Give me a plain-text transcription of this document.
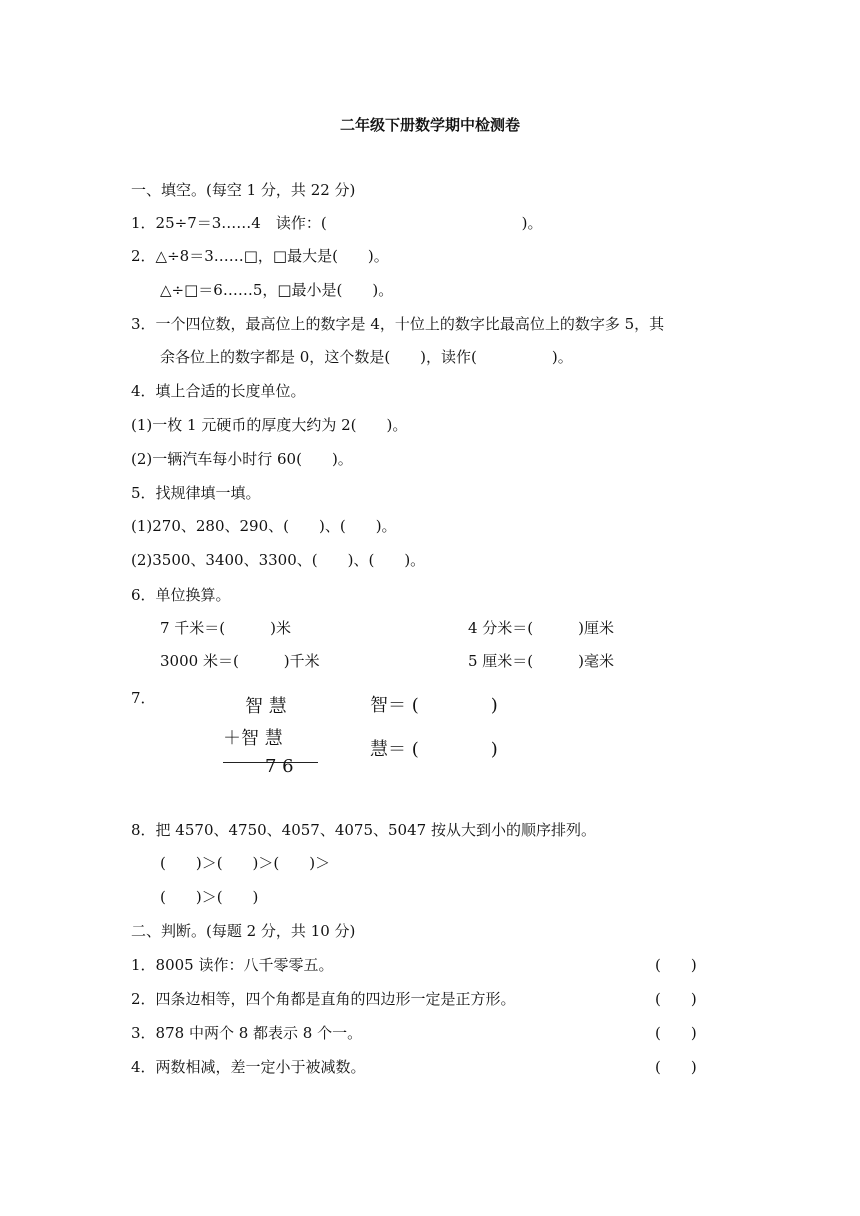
二年级下册数学期中检测卷
一、填空。(每空 1 分，共 22 分)
1．25÷7＝3……4　读作：(　　　　　　　　　　　　　)。
2．△÷8＝3……□，□最大是(　　)。
△÷□＝6……5，□最小是(　　)。
3．一个四位数，最高位上的数字是 4，十位上的数字比最高位上的数字多 5，其
余各位上的数字都是 0，这个数是(　　)，读作(　　　　　)。
4．填上合适的长度单位。
(1)一枚 1 元硬币的厚度大约为 2(　　)。
(2)一辆汽车每小时行 60(　　)。
5．找规律填一填。
(1)270、280、290、(　　)、(　　)。
(2)3500、3400、3300、(　　)、(　　)。
6．单位换算。
7 千米＝(　　　)米	4 分米＝(　　　)厘米
3000 米＝(　　　)千米	5 厘米＝(　　　)毫米
7．	智 慧
＋智 慧
7 6
智＝ (　　　　)
慧＝ (　　　　)
8．把 4570、4750、4057、4075、5047 按从大到小的顺序排列。
(　　)＞(　　)＞(　　)＞
(　　)＞(　　)
二、判断。(每题 2 分，共 10 分)
1．8005 读作：八千零零五。	(　　)
2．四条边相等，四个角都是直角的四边形一定是正方形。	(　　)
3．878 中两个 8 都表示 8 个一。	(　　)
4．两数相减，差一定小于被减数。	(　　)
